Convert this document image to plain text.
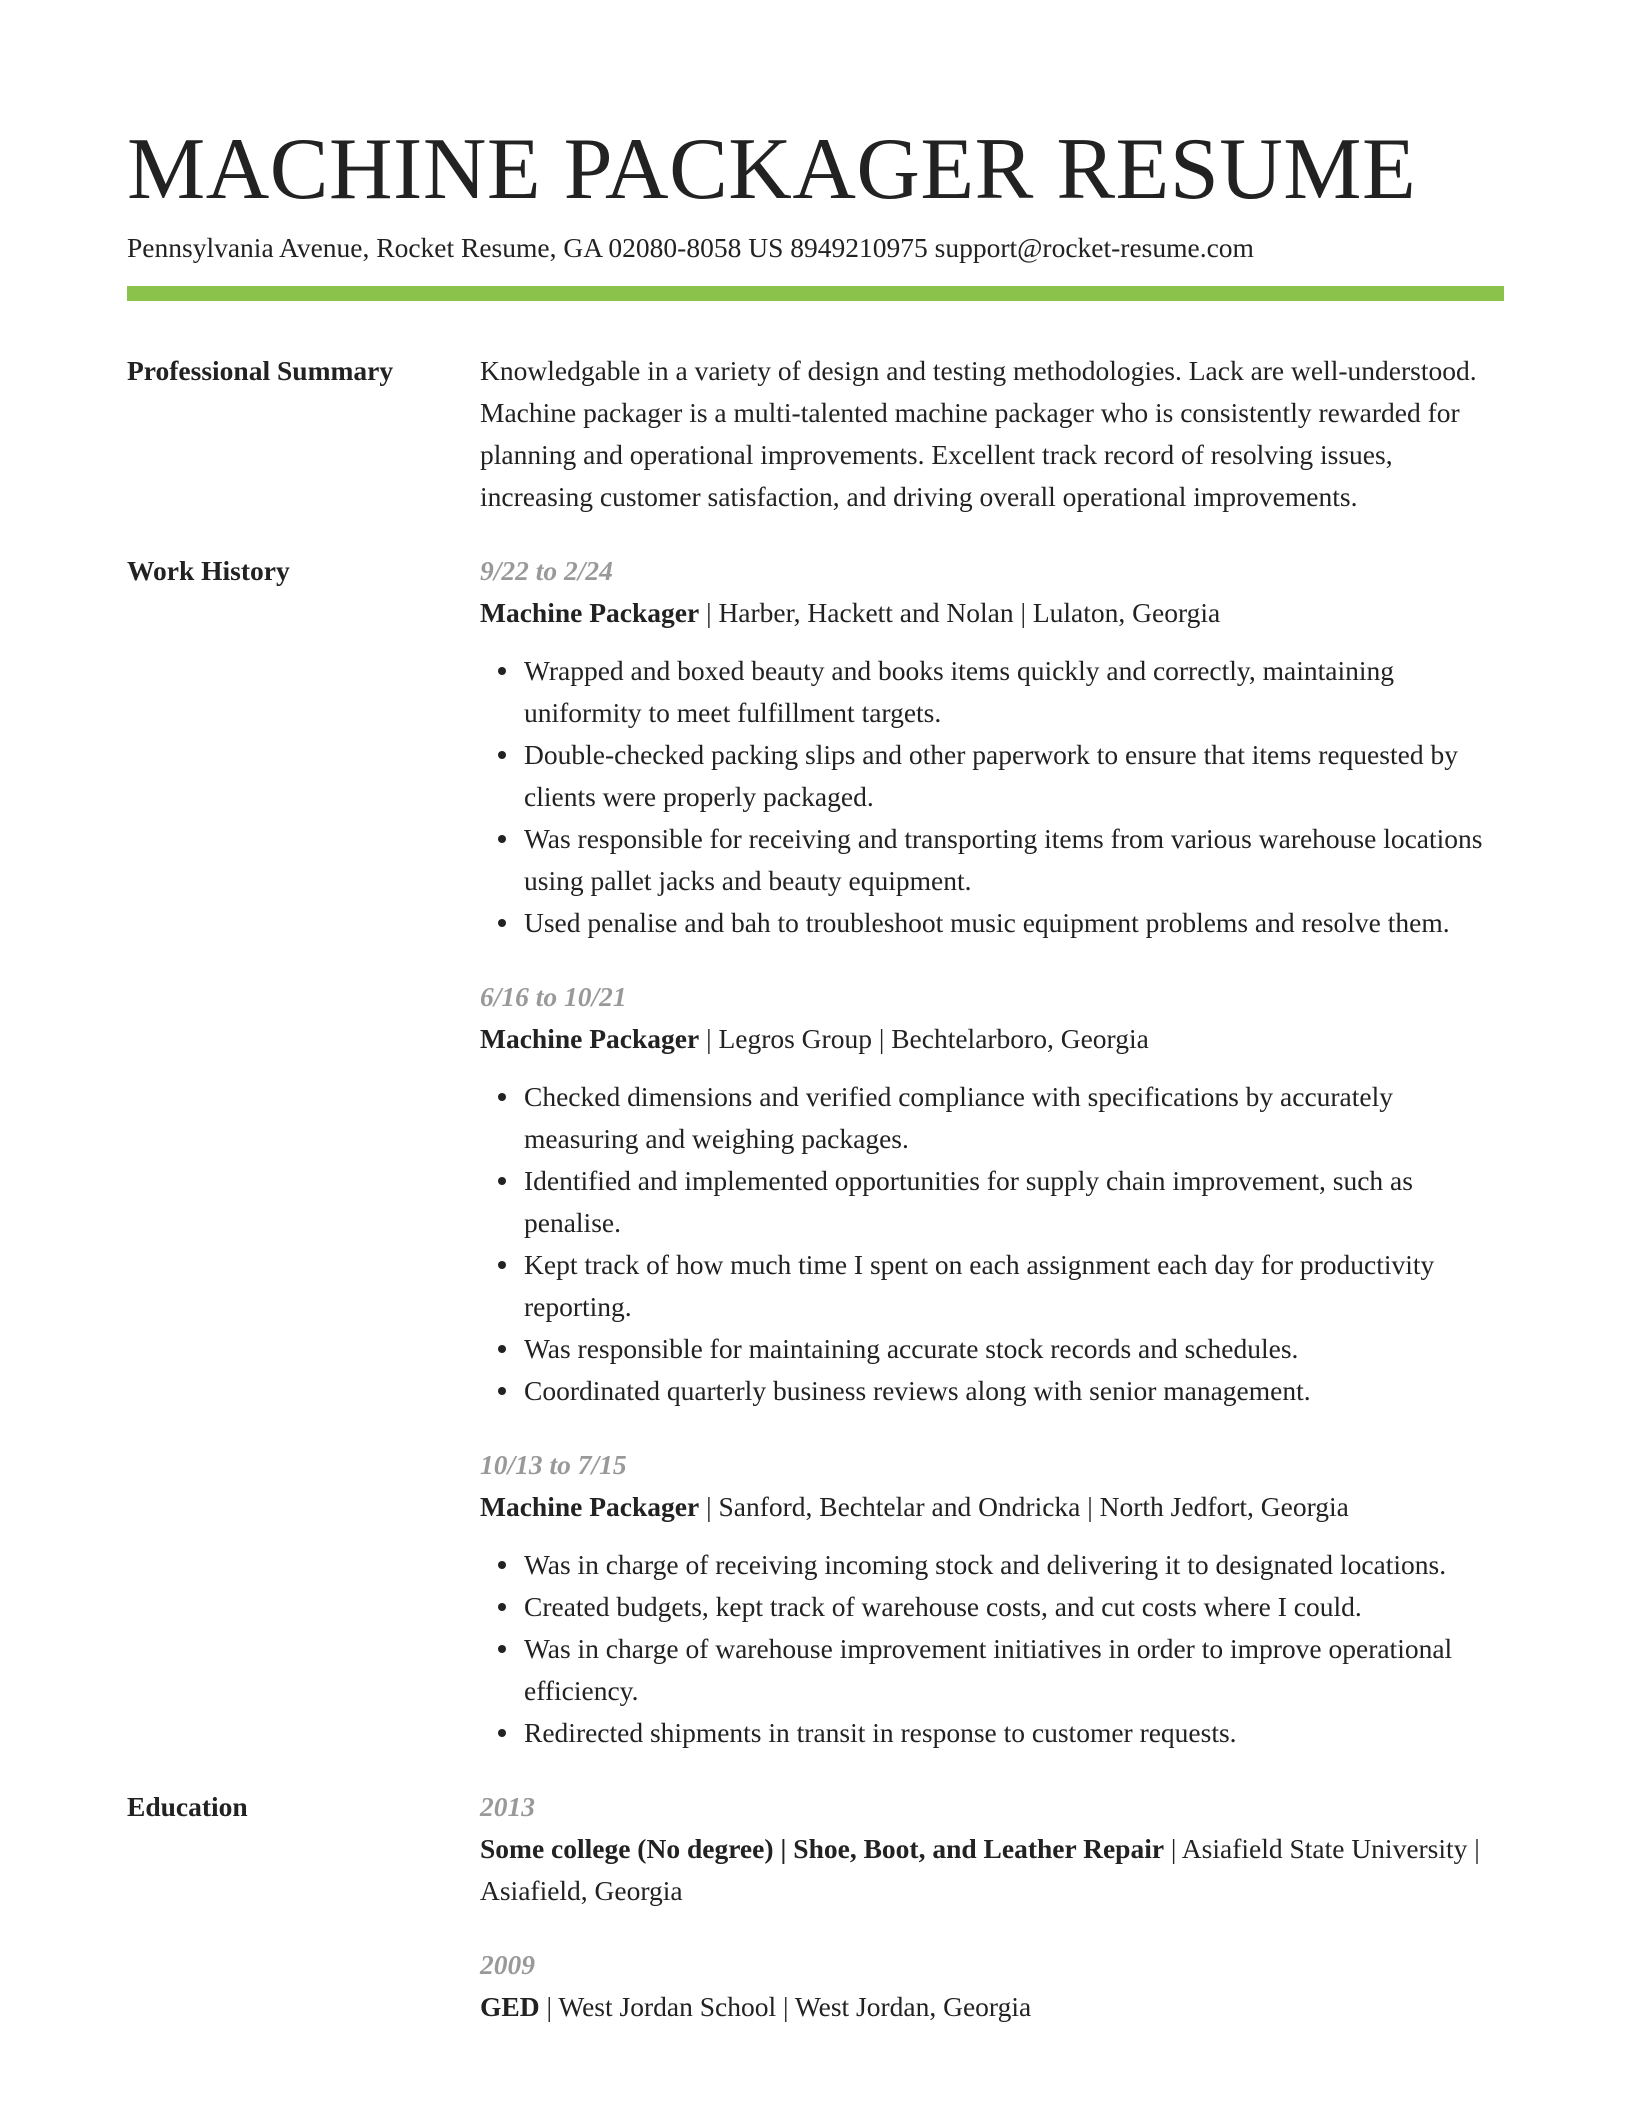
MACHINE PACKAGER RESUME
Pennsylvania Avenue, Rocket Resume, GA 02080-8058 US 8949210975 support@rocket-resume.com
Professional Summary	Knowledgable in a variety of design and testing methodologies. Lack are well-understood. Machine packager is a multi-talented machine packager who is consistently rewarded for planning and operational improvements. Excellent track record of resolving issues, increasing customer satisfaction, and driving overall operational improvements.

Work History	9/22 to 2/24
Machine Packager | Harber, Hackett and Nolan | Lulaton, Georgia
Wrapped and boxed beauty and books items quickly and correctly, maintaining uniformity to meet fulfillment targets.
Double-checked packing slips and other paperwork to ensure that items requested by clients were properly packaged.
Was responsible for receiving and transporting items from various warehouse locations using pallet jacks and beauty equipment.
Used penalise and bah to troubleshoot music equipment problems and resolve them.
6/16 to 10/21
Machine Packager | Legros Group | Bechtelarboro, Georgia
Checked dimensions and verified compliance with specifications by accurately measuring and weighing packages.
Identified and implemented opportunities for supply chain improvement, such as penalise.
Kept track of how much time I spent on each assignment each day for productivity reporting.
Was responsible for maintaining accurate stock records and schedules.
Coordinated quarterly business reviews along with senior management.
10/13 to 7/15
Machine Packager | Sanford, Bechtelar and Ondricka | North Jedfort, Georgia
Was in charge of receiving incoming stock and delivering it to designated locations.
Created budgets, kept track of warehouse costs, and cut costs where I could.
Was in charge of warehouse improvement initiatives in order to improve operational efficiency.
Redirected shipments in transit in response to customer requests.
Education	2013
Some college (No degree) | Shoe, Boot, and Leather Repair | Asiafield State University | Asiafield, Georgia
2009
GED | West Jordan School | West Jordan, Georgia
